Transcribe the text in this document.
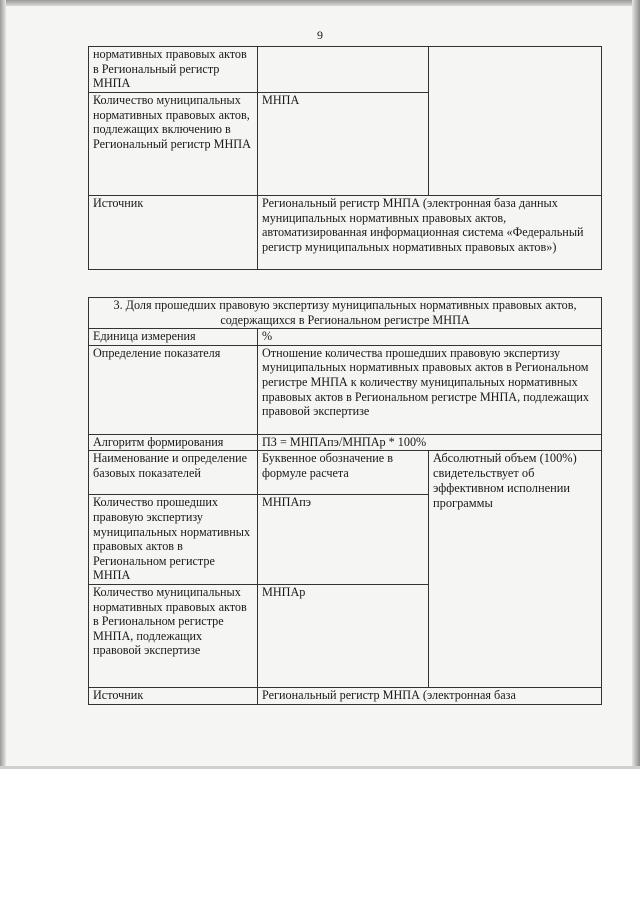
9
нормативных правовых актов в Региональный регистр МНПА		
Количество муниципальных нормативных правовых актов, подлежащих включению в Региональный регистр МНПА	МНПА	
Источник	Региональный регистр МНПА (электронная база данных муниципальных нормативных правовых актов, автоматизированная информационная система «Федеральный регистр муниципальных нормативных правовых актов»)	
3. Доля прошедших правовую экспертизу муниципальных нормативных правовых актов, содержащихся в Региональном регистре МНПА		
Единица измерения	%	
Определение показателя	Отношение количества прошедших правовую экспертизу муниципальных нормативных правовых актов в Региональном регистре МНПА к количеству муниципальных нормативных правовых актов в Региональном регистре МНПА, подлежащих правовой экспертизе	
Алгоритм формирования	ПЗ = МНПАпэ/МНПАр * 100%	
Наименование и определение базовых показателей	Буквенное обозначение в формуле расчета	Абсолютный объем (100%) свидетельствует об эффективном исполнении программы
Количество прошедших правовую экспертизу муниципальных нормативных правовых актов в Региональном регистре МНПА	МНПАпэ	
Количество муниципальных нормативных правовых актов в Региональном регистре МНПА, подлежащих правовой экспертизе	МНПАр	
Источник	Региональный регистр МНПА (электронная база	
